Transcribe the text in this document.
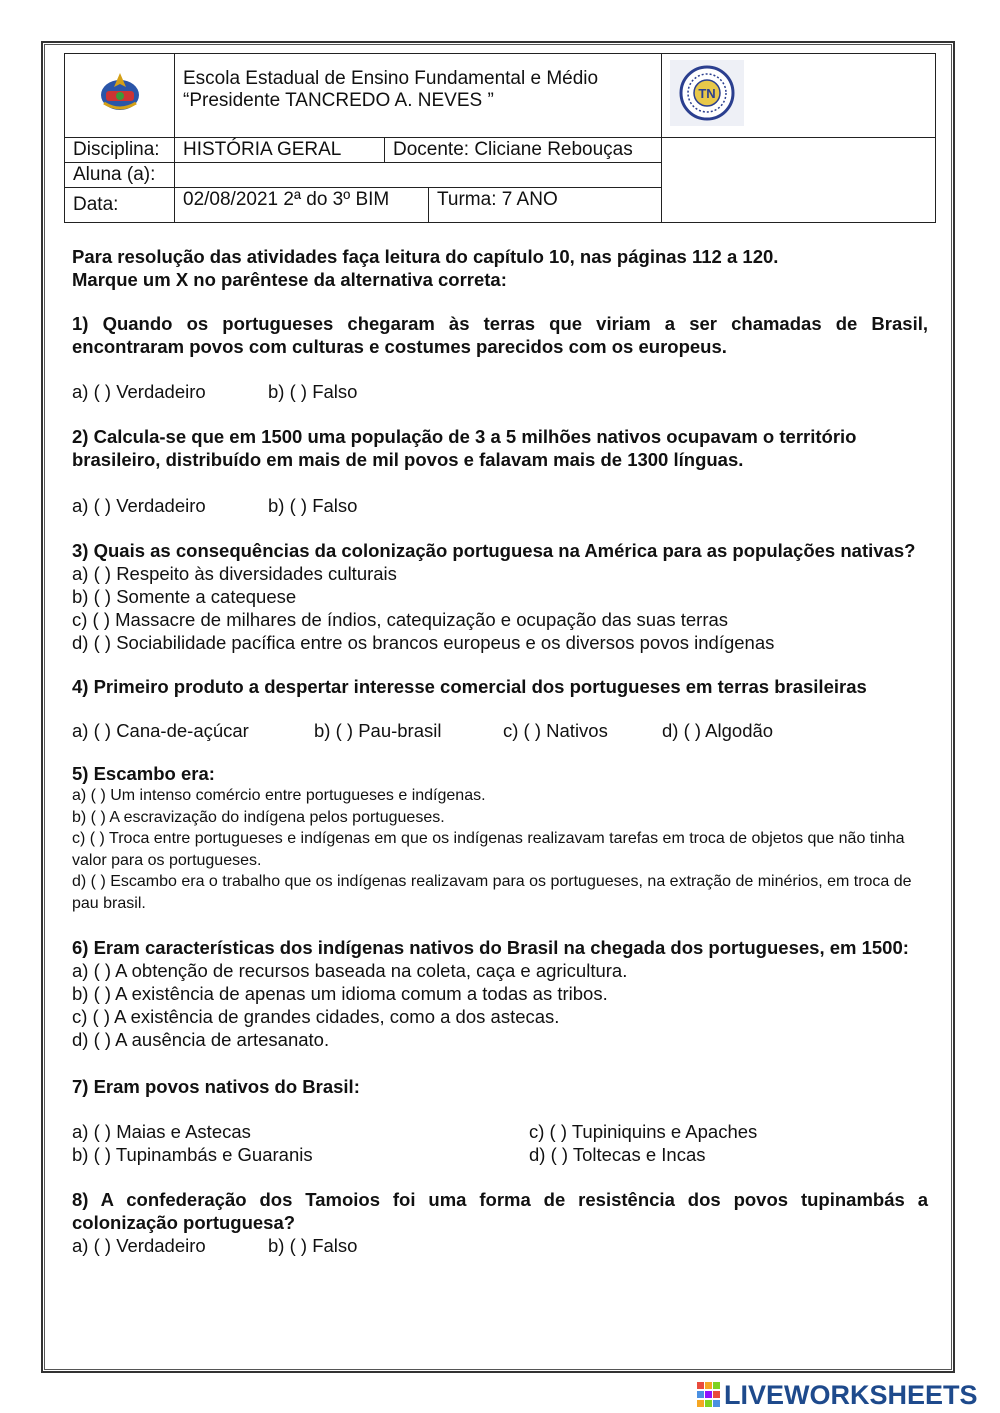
Escola Estadual de Ensino Fundamental e Médio
“Presidente TANCREDO A. NEVES ”			TN

Disciplina:	HISTÓRIA GERAL	Docente: Cliciane Rebouças		
Aluna (a):				
Data:	02/08/2021 2ª do 3º BIM		Turma: 7 ANO	

Para resolução das atividades faça leitura do capítulo 10, nas páginas 112 a 120.

Marque um X no parêntese da alternativa correta:

1) Quando os portugueses chegaram às terras que viriam a ser chamadas de Brasil, encontraram povos com culturas e costumes parecidos com os europeus.

a) ( ) Verdadeiro	b) ( ) Falso

2) Calcula-se que em 1500 uma população de 3 a 5 milhões nativos ocupavam o território brasileiro, distribuído em mais de mil povos e falavam mais de 1300 línguas.

a) ( ) Verdadeiro	b) ( ) Falso

3) Quais as consequências da colonização portuguesa na América para as populações nativas?

a) ( ) Respeito às diversidades culturais

b) ( ) Somente a catequese

c) ( ) Massacre de milhares de índios, catequização e ocupação das suas terras

d) ( ) Sociabilidade pacífica entre os brancos europeus e os diversos povos indígenas

4) Primeiro produto a despertar interesse comercial dos portugueses em terras brasileiras

a) ( ) Cana-de-açúcar	b) ( ) Pau-brasil	c) ( ) Nativos	d) ( ) Algodão

5) Escambo era:

a) ( ) Um intenso comércio entre portugueses e indígenas.

b) ( ) A escravização do indígena pelos portugueses.

c) ( ) Troca entre portugueses e indígenas em que os indígenas realizavam tarefas em troca de objetos que não tinha valor para os portugueses.

d) ( ) Escambo era o trabalho que os indígenas realizavam para os portugueses, na extração de minérios, em troca de pau brasil.

6) Eram características dos indígenas nativos do Brasil na chegada dos portugueses, em 1500:

a) ( ) A obtenção de recursos baseada na coleta, caça e agricultura.

b) ( ) A existência de apenas um idioma comum a todas as tribos.

c) ( ) A existência de grandes cidades, como a dos astecas.

d) ( ) A ausência de artesanato.

7) Eram povos nativos do Brasil:

a) ( ) Maias e Astecas	c) ( ) Tupiniquins e Apaches
b) ( ) Tupinambás e Guaranis	d) ( ) Toltecas e Incas

8) A confederação dos Tamoios foi uma forma de resistência dos povos tupinambás a colonização portuguesa?

a) ( ) Verdadeiro	b) ( ) Falso
LIVEWORKSHEETS
